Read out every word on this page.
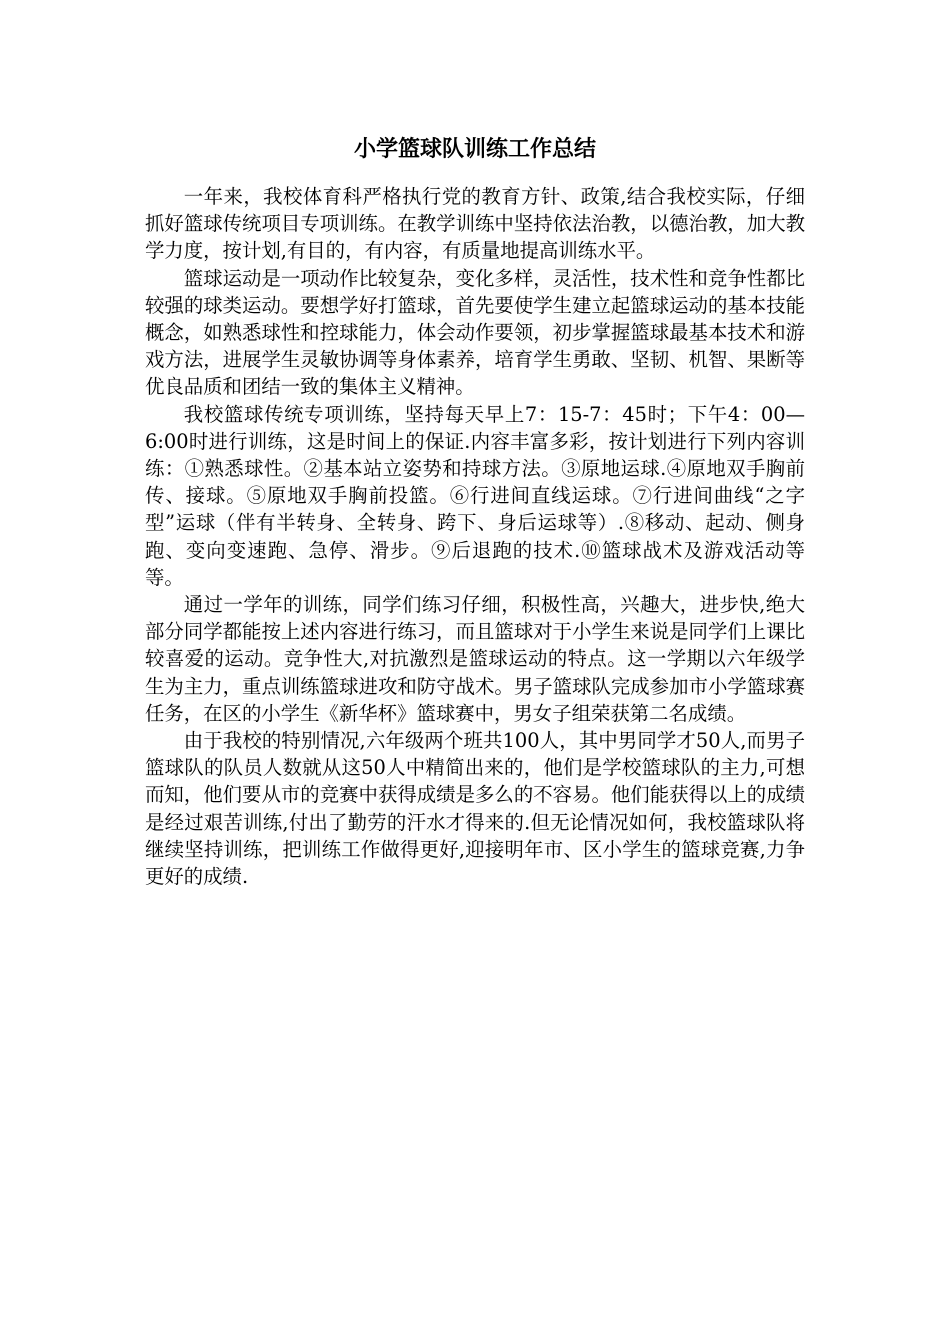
小学篮球队训练工作总结

一年来，我校体育科严格执行党的教育方针、政策,结合我校实际，仔细抓好篮球传统项目专项训练。在教学训练中坚持依法治教，以德治教，加大教学力度，按计划,有目的，有内容，有质量地提高训练水平。

篮球运动是一项动作比较复杂，变化多样，灵活性，技术性和竞争性都比较强的球类运动。要想学好打篮球，首先要使学生建立起篮球运动的基本技能概念，如熟悉球性和控球能力，体会动作要领，初步掌握篮球最基本技术和游戏方法，进展学生灵敏协调等身体素养，培育学生勇敢、坚韧、机智、果断等优良品质和团结一致的集体主义精神。

我校篮球传统专项训练，坚持每天早上7：15-7：45时；下午4：00—6:00时进行训练，这是时间上的保证.内容丰富多彩，按计划进行下列内容训练：①熟悉球性。②基本站立姿势和持球方法。③原地运球.④原地双手胸前传、接球。⑤原地双手胸前投篮。⑥行进间直线运球。⑦行进间曲线“之字型”运球（伴有半转身、全转身、跨下、身后运球等）.⑧移动、起动、侧身跑、变向变速跑、急停、滑步。⑨后退跑的技术.⑩篮球战术及游戏活动等等。

通过一学年的训练，同学们练习仔细，积极性高，兴趣大，进步快,绝大部分同学都能按上述内容进行练习，而且篮球对于小学生来说是同学们上课比较喜爱的运动。竞争性大,对抗激烈是篮球运动的特点。这一学期以六年级学生为主力，重点训练篮球进攻和防守战术。男子篮球队完成参加市小学篮球赛任务，在区的小学生《新华杯》篮球赛中，男女子组荣获第二名成绩。

由于我校的特别情况,六年级两个班共100人，其中男同学才50人,而男子篮球队的队员人数就从这50人中精简出来的，他们是学校篮球队的主力,可想而知，他们要从市的竞赛中获得成绩是多么的不容易。他们能获得以上的成绩是经过艰苦训练,付出了勤劳的汗水才得来的.但无论情况如何，我校篮球队将继续坚持训练，把训练工作做得更好,迎接明年市、区小学生的篮球竞赛,力争更好的成绩.
